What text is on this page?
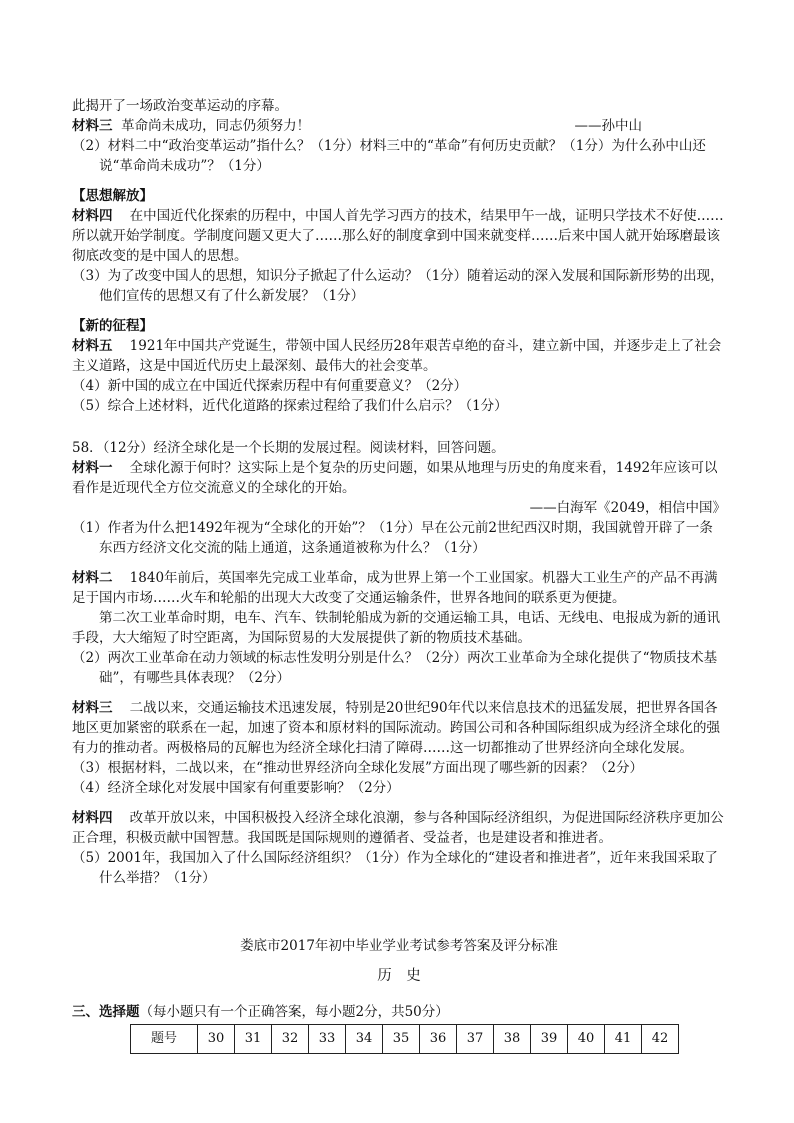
此揭开了一场政治变革运动的序幕。

材料三 革命尚未成功，同志仍须努力！	——孙中山

（2）材料二中“政治变革运动”指什么？（1分）材料三中的“革命”有何历史贡献？（1分）为什么孙中山还说“革命尚未成功”？（1分）

【思想解放】

材料四 在中国近代化探索的历程中，中国人首先学习西方的技术，结果甲午一战，证明只学技术不好使……所以就开始学制度。学制度问题又更大了……那么好的制度拿到中国来就变样……后来中国人就开始琢磨最该彻底改变的是中国人的思想。

（3）为了改变中国人的思想，知识分子掀起了什么运动？（1分）随着运动的深入发展和国际新形势的出现，他们宣传的思想又有了什么新发展？（1分）

【新的征程】

材料五 1921年中国共产党诞生，带领中国人民经历28年艰苦卓绝的奋斗，建立新中国，并逐步走上了社会主义道路，这是中国近代历史上最深刻、最伟大的社会变革。

（4）新中国的成立在中国近代探索历程中有何重要意义？（2分）

（5）综合上述材料，近代化道路的探索过程给了我们什么启示？（1分）

58．（12分）经济全球化是一个长期的发展过程。阅读材料，回答问题。

材料一 全球化源于何时？这实际上是个复杂的历史问题，如果从地理与历史的角度来看，1492年应该可以看作是近现代全方位交流意义的全球化的开始。

——白海军《2049，相信中国》

（1）作者为什么把1492年视为“全球化的开始”？（1分）早在公元前2世纪西汉时期，我国就曾开辟了一条东西方经济文化交流的陆上通道，这条通道被称为什么？（1分）

材料二 1840年前后，英国率先完成工业革命，成为世界上第一个工业国家。机器大工业生产的产品不再满足于国内市场……火车和轮船的出现大大改变了交通运输条件，世界各地间的联系更为便捷。

第二次工业革命时期，电车、汽车、铁制轮船成为新的交通运输工具，电话、无线电、电报成为新的通讯手段，大大缩短了时空距离，为国际贸易的大发展提供了新的物质技术基础。

（2）两次工业革命在动力领域的标志性发明分别是什么？（2分）两次工业革命为全球化提供了“物质技术基础”，有哪些具体表现？（2分）

材料三 二战以来，交通运输技术迅速发展，特别是20世纪90年代以来信息技术的迅猛发展，把世界各国各地区更加紧密的联系在一起，加速了资本和原材料的国际流动。跨国公司和各种国际组织成为经济全球化的强有力的推动者。两极格局的瓦解也为经济全球化扫清了障碍……这一切都推动了世界经济向全球化发展。

（3）根据材料，二战以来，在“推动世界经济向全球化发展”方面出现了哪些新的因素？（2分）

（4）经济全球化对发展中国家有何重要影响？（2分）

材料四 改革开放以来，中国积极投入经济全球化浪潮，参与各种国际经济组织，为促进国际经济秩序更加公正合理，积极贡献中国智慧。我国既是国际规则的遵循者、受益者，也是建设者和推进者。

（5）2001年，我国加入了什么国际经济组织？（1分）作为全球化的“建设者和推进者”，近年来我国采取了什么举措？（1分）

娄底市2017年初中毕业学业考试参考答案及评分标准

历　史

三、选择题（每小题只有一个正确答案，每小题2分，共50分）

题号	30	31	32	33	34	35	36	37	38	39	40	41	42
